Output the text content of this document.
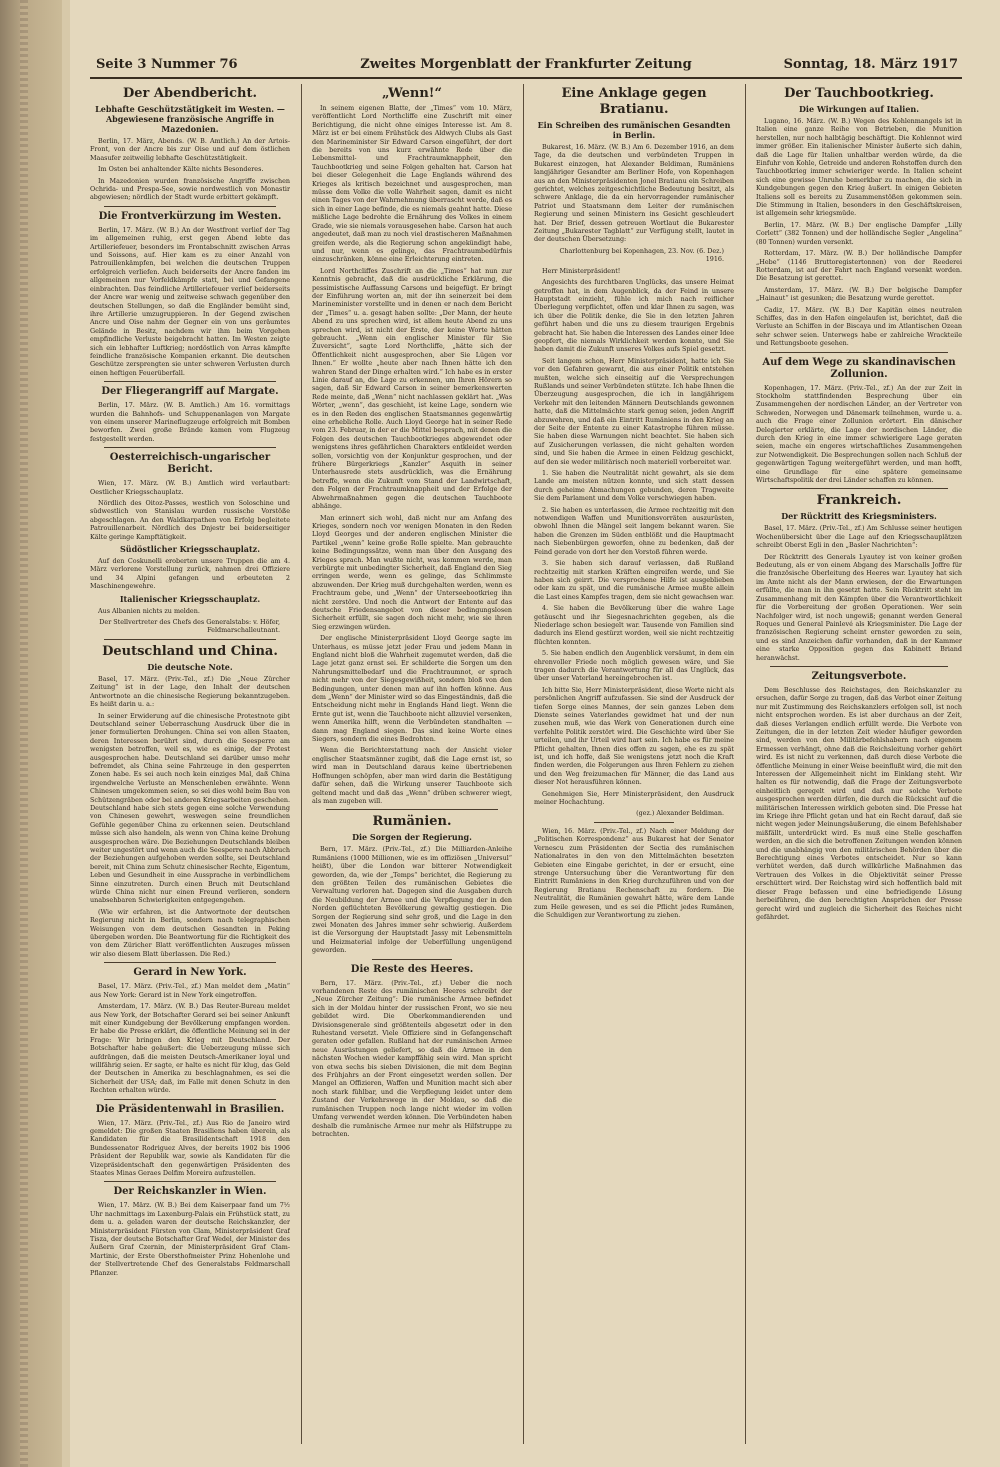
Seite 3 Nummer 76	Zweites Morgenblatt der Frankfurter Zeitung	Sonntag, 18. März 1917
Der Abendbericht.
Lebhafte Geschützstätigkeit im Westen. — Abgewiesene französische Angriffe in Mazedonien.

Berlin, 17. März, Abends. (W. B. Amtlich.) An der Artois-Front, von der Ancre bis zur Oise und auf dem östlichen Maasufer zeitweilig lebhafte Geschützstätigkeit.

Im Osten bei anhaltender Kälte nichts Besonderes.

In Mazedonien wurden französische Angriffe zwischen Ochrida- und Prespa-See, sowie nordwestlich von Monastir abgewiesen; nördlich der Stadt wurde erbittert gekämpft.

Die Frontverkürzung im Westen.

Berlin, 17. März. (W. B.) An der Westfront verlief der Tag im allgemeinen ruhig, erst gegen Abend lebte das Artilleriefeuer, besonders im Frontabschnitt zwischen Arras und Soissons, auf. Hier kam es zu einer Anzahl von Patrouillenkämpfen, bei welchen die deutschen Truppen erfolgreich verliefen. Auch beiderseits der Ancre fanden im allgemeinen nur Vorfeldkämpfe statt, bei und Gefangene einbrachten. Das feindliche Artilleriefeuer verlief beiderseits der Ancre war wenig und zeitweise schwach gegenüber den deutschen Stellungen, so daß die Engländer bemüht sind, ihre Artillerie umzugruppieren. In der Gegend zwischen Ancre und Oise nahm der Gegner ein von uns geräumtes Gelände in Besitz, nachdem wir ihm beim Vorgehen empfindliche Verluste beigebracht hatten. Im Westen zeigte sich ein lebhafter Luftkrieg; nordöstlich von Arras kämpfte feindliche französische Kompanien erkannt. Die deutschen Geschütze zersprengten sie unter schweren Verlusten durch einen heftigen Feuerüberfall.

Der Fliegerangriff auf Margate.

Berlin, 17. März. (W. B. Amtlich.) Am 16. vormittags wurden die Bahnhofs- und Schuppenanlagen von Margate von einem unserer Marineflugzeuge erfolgreich mit Bomben beworfen. Zwei große Brände kamen vom Flugzeug festgestellt werden.

Oesterreichisch-ungarischer Bericht.

Wien, 17. März. (W. B.) Amtlich wird verlautbart: Oestlicher Kriegsschauplatz.

Nördlich des Oitoz-Passes, westlich von Soloschine und südwestlich von Stanislau wurden russische Vorstöße abgeschlagen. An den Waldkarpathen von Erfolg begleitete Patrouillenarbeit. Nördlich des Dnjestr bei beiderseitiger Kälte geringe Kampftätigkeit.

Südöstlicher Kriegsschauplatz.

Auf den Coskunelli eroberten unsere Truppen die am 4. März verlorene Vorstellung zurück, nahmen drei Offiziere und 34 Alpini gefangen und erbeuteten 2 Maschinengewehre.

Italienischer Kriegsschauplatz.

Aus Albanien nichts zu melden.

Der Stellvertreter des Chefs des Generalstabs: v. Höfer, Feldmarschalleutnant.

Deutschland und China.
Die deutsche Note.

Basel, 17. März. (Priv.-Tel., zf.) Die „Neue Zürcher Zeitung“ ist in der Lage, den Inhalt der deutschen Antwortnote an die chinesische Regierung bekanntzugeben. Es heißt darin u. a.:

In seiner Erwiderung auf die chinesische Protestnote gibt Deutschland seiner Ueberraschung Ausdruck über die in jener formulierten Drohungen. China sei von allen Staaten, deren Interessen berührt sind, durch die Seesperre am wenigsten betroffen, weil es, wie es einige, der Protest ausgesprochen habe. Deutschland sei darüber umso mehr befremdet, als China seine Fahrzeuge in den gesperrten Zonen habe. Es sei auch noch kein einziges Mal, daß China irgendwelche Verluste an Menschenleben erwähnte. Wenn Chinesen umgekommen seien, so sei dies wohl beim Bau von Schützengräben oder bei anderen Kriegsarbeiten geschehen. Deutschland habe sich stets gegen eine solche Verwendung von Chinesen gewehrt, weswegen seine freundlichen Gefühle gegenüber China zu erkennen seien. Deutschland müsse sich also handeln, als wenn von China keine Drohung ausgesprochen wäre. Die Beziehungen Deutschlands bleiben weiter ungestört und wenn auch die Seesperre nach Abbruch der Beziehungen aufgehoben werden sollte, sei Deutschland bereit, mit China zum Schutz chinesischer Rechte, Eigentum, Leben und Gesundheit in eine Aussprache in verbindlichem Sinne einzutreten. Durch einen Bruch mit Deutschland würde China nicht nur einen Freund verlieren, sondern unabsehbaren Schwierigkeiten entgegengehen.

(Wie wir erfahren, ist die Antwortnote der deutschen Regierung nicht in Berlin, sondern nach telegraphischen Weisungen von dem deutschen Gesandten in Peking übergeben worden. Die Beantwortung für die Richtigkeit des von dem Züricher Blatt veröffentlichten Auszuges müssen wir also diesem Blatt überlassen. Die Red.)

Gerard in New York.

Basel, 17. März. (Priv.-Tel., zf.) Man meldet dem „Matin“ aus New York: Gerard ist in New York eingetroffen.

Amsterdam, 17. März. (W. B.) Das Reuter-Bureau meldet aus New York, der Botschafter Gerard sei bei seiner Ankunft mit einer Kundgebung der Bevölkerung empfangen worden. Er habe die Presse erklärt, die öffentliche Meinung sei in der Frage: Wir bringen den Krieg mit Deutschland. Der Botschafter habe geäußert: die Ueberzeugung müsse sich aufdrängen, daß die meisten Deutsch-Amerikaner loyal und willfährig seien. Er sagte, er halte es nicht für klug, das Geld der Deutschen in Amerika zu beschlagnahmen, es sei die Sicherheit der USA; daß, im Falle mit denen Schutz in den Rechten erhalten würde.

Die Präsidentenwahl in Brasilien.

Wien, 17. März. (Priv.-Tel., zf.) Aus Rio de Janeiro wird gemeldet: Die großen Staaten Brasiliens haben überein, als Kandidaten für die Brasilidentschaft 1918 den Bundessenator Rodriguez Alves, der bereits 1902 bis 1906 Präsident der Republik war, sowie als Kandidaten für die Vizepräsidentschaft den gegenwärtigen Präsidenten des Staates Minas Geraes Delfim Moreira aufzustellen.

Der Reichskanzler in Wien.

Wien, 17. März. (W. B.) Bei dem Kaiserpaar fand um 7½ Uhr nachmittags im Laxenburg-Palais ein Frühstück statt, zu dem u. a. geladen waren der deutsche Reichskanzler, der Ministerpräsident Fürsten von Clam, Ministerpräsident Graf Tisza, der deutsche Botschafter Graf Wedel, der Minister des Äußern Graf Czernin, der Ministerpräsident Graf Clam-Martinic, der Erste Obersthofmeister Prinz Hohenlohe und der Stellvertretende Chef des Generalstabs Feldmarschall Pflanzer.

„Wenn!“

In seinem eigenen Blatte, der „Times“ vom 10. März, veröffentlicht Lord Northcliffe eine Zuschrift mit einer Berichtigung, die nicht ohne einiges Interesse ist. Am 8. März ist er bei einem Frühstück des Aldwych Clubs als Gast den Marineminister Sir Edward Carson eingeführt, der dort die bereits von uns kurz erwähnte Rede über die Lebensmittel- und Frachtraumknappheit, den Tauchbootkrieg und seine Folgen gehalten hat. Carson hat bei dieser Gelegenheit die Lage Englands während des Krieges als kritisch bezeichnet und ausgesprochen, man müsse dem Volke die volle Wahrheit sagen, damit es nicht einen Tages von der Wahrnehmung überrascht werde, daß es sich in einer Lage befinde, die es niemals geahnt hatte. Diese mißliche Lage bedrohte die Ernährung des Volkes in einem Grade, wie sie niemals vorausgesehen habe. Carson hat auch angedeutet, daß man zu noch viel drastischeren Maßnahmen greifen werde, als die Regierung schon angekündigt habe, und nur, wenn es gelinge, das Frachtraumbedürfnis einzuschränken, könne eine Erleichterung eintreten.

Lord Northcliffes Zuschrift an die „Times“ hat nun zur Kenntnis gebracht, daß die ausdrückliche Erklärung, die pessimistische Auffassung Carsons und beigefügt. Er bringt der Einführung worten an, mit der ihn seinerzeit bei dem Marineminister vorstellte und in denen er nach dem Bericht der „Times“ u. a. gesagt haben sollte: „Der Mann, der heute Abend zu uns sprechen wird, ist allem heute Abend zu uns sprechen wird, ist nicht der Erste, der keine Worte hätten gebraucht. „Wenn ein englischer Minister für Sie Zuversicht“, sagte Lord Northcliffe, „hätte sich der Öffentlichkeit nicht ausgesprochen, aber Sie Lügen vor Ihnen.“ Er wollte „heute aber nach Ihnen hätte ich den wahren Stand der Dinge erhalten wird.“ Ich habe es in erster Linie darauf an, die Lage zu erkennen, um Ihren Hörern so sagen, daß Sir Edward Carson in seiner bemerkenswerten Rede meinte, daß „Wenn“ nicht nachlassen geklärt hat. „Was Wörter, „wenn“, das geschieht, ist keine Lage, sondern wie es in den Reden des englischen Staatsmannes gegenwärtig eine erhebliche Rolle. Auch Lloyd George hat in seiner Rede vom 23. Februar, in der er die Mittel besprach, mit denen die Folgen des deutschen Tauchbootkrieges abgewendet oder wenigstens ihres gefährlichen Charakters entkleidet werden sollen, vorsichtig von der Konjunktur gesprochen, und der frühere Bürgerkriegs „Kanzler“ Asquith in seiner Unterhausrede stets ausdrücklich, was die Ernährung betreffe, wenn die Zukunft vom Stand der Landwirtschaft, den Folgen der Frachtraumknappheit und der Erfolge der Abwehrmaßnahmen gegen die deutschen Tauchboote abhänge.

Man erinnert sich wohl, daß nicht nur am Anfang des Krieges, sondern noch vor wenigen Monaten in den Reden Lloyd Georges und der anderen englischen Minister die Partikel „wenn“ keine große Rolle spielte. Man gebrauchte keine Bedingungssätze, wenn man über den Ausgang des Krieges sprach. Man wußte nicht, was kommen werde, man verbürgte mit unbedingter Sicherheit, daß England den Sieg erringen werde, wenn es gelinge, das Schlimmste abzuwenden. Der Krieg muß durchgehalten werden, wenn es Frachtraum gebe, und „Wenn“ der Unterseebootkrieg ihn nicht zerstöre. Und noch die Antwort der Entente auf das deutsche Friedensangebot von dieser bedingungslosen Sicherheit erfüllt, sie sagen doch nicht mehr, wie sie ihren Sieg erzwingen würden.

Der englische Ministerpräsident Lloyd George sagte im Unterhaus, es müsse jetzt jeder Frau und jedem Mann in England nicht bloß die Wahrheit zugemutet werden, daß die Lage jetzt ganz ernst sei. Er schilderte die Sorgen um den Nahrungsmittelbedarf und die Frachtraumnot, er sprach nicht mehr von der Siegesgewißheit, sondern bloß von den Bedingungen, unter denen man auf ihn hoffen könne. Aus dem „Wenn“ der Minister wird so das Eingeständnis, daß die Entscheidung nicht mehr in Englands Hand liegt. Wenn die Ernte gut ist, wenn die Tauchboote nicht allzuviel versenken, wenn Amerika hilft, wenn die Verbündeten standhalten — dann mag England siegen. Das sind keine Worte eines Siegers, sondern die eines Bedrohten.

Wenn die Berichterstattung nach der Ansicht vieler englischer Staatsmänner zugibt, daß die Lage ernst ist, so wird man in Deutschland daraus keine übertriebenen Hoffnungen schöpfen, aber man wird darin die Bestätigung dafür sehen, daß die Wirkung unserer Tauchboote sich geltend macht und daß das „Wenn“ drüben schwerer wiegt, als man zugeben will.

Rumänien.
Die Sorgen der Regierung.

Bern, 17. März. (Priv.-Tel., zf.) Die Milliarden-Anleihe Rumäniens (1000 Millionen, wie es im offiziösen „Universul“ heißt), über die London war bitterer Notwendigkeit geworden, da, wie der „Temps“ berichtet, die Regierung zu den größten Teilen des rumänischen Gebietes die Verwaltung verloren hat. Dagegen sind die Ausgaben durch die Neubildung der Armee und die Verpflegung der in den Norden geflüchteten Bevölkerung gewaltig gestiegen. Die Sorgen der Regierung sind sehr groß, und die Lage in den zwei Monaten des Jahres immer sehr schwierig. Außerdem ist die Versorgung der Hauptstadt Jassy mit Lebensmitteln und Heizmaterial infolge der Ueberfüllung ungenügend geworden.

Die Reste des Heeres.

Bern, 17. März. (Priv.-Tel., zf.) Ueber die noch vorhandenen Reste des rumänischen Heeres schreibt der „Neue Zürcher Zeitung“: Die rumänische Armee befindet sich in der Moldau hinter der russischen Front, wo sie neu gebildet wird. Die Oberkommandierenden und Divisionsgenerale sind größtenteils abgesetzt oder in den Ruhestand versetzt. Viele Offiziere sind in Gefangenschaft geraten oder gefallen. Rußland hat der rumänischen Armee neue Ausrüstungen geliefert, so daß die Armee in den nächsten Wochen wieder kampffähig sein wird. Man spricht von etwa sechs bis sieben Divisionen, die mit dem Beginn des Frühjahrs an der Front eingesetzt werden sollen. Der Mangel an Offizieren, Waffen und Munition macht sich aber noch stark fühlbar, und die Verpflegung leidet unter dem Zustand der Verkehrswege in der Moldau, so daß die rumänischen Truppen noch lange nicht wieder im vollen Umfang verwendet werden können. Die Verbündeten haben deshalb die rumänische Armee nur mehr als Hilfstruppe zu betrachten.

Eine Anklage gegen Bratianu.
Ein Schreiben des rumänischen Gesandten in Berlin.

Bukarest, 16. März. (W. B.) Am 6. Dezember 1916, an dem Tage, da die deutschen und verbündeten Truppen in Bukarest einzogen, hat Alexander Beldiman, Rumäniens langjähriger Gesandter am Berliner Hofe, von Kopenhagen aus an den Ministerpräsidenten Jonel Bratianu ein Schreiben gerichtet, welches zeitgeschichtliche Bedeutung besitzt, als schwere Anklage, die da ein hervorragender rumänischer Patriot und Staatsmann dem Leiter der rumänischen Regierung und seinen Ministern ins Gesicht geschleudert hat. Der Brief, dessen getreuen Wortlaut die Bukarester Zeitung „Bukarester Tagblatt“ zur Verfügung stellt, lautet in der deutschen Übersetzung:

Charlottenburg bei Kopenhagen, 23. Nov. (6. Dez.) 1916.

Herr Ministerpräsident!

Angesichts des furchtbaren Unglücks, das unsere Heimat getroffen hat, in dem Augenblick, da der Feind in unsere Hauptstadt einzieht, fühle ich mich nach reiflicher Überlegung verpflichtet, offen und klar Ihnen zu sagen, was ich über die Politik denke, die Sie in den letzten Jahren geführt haben und die uns zu diesem traurigen Ergebnis gebracht hat. Sie haben die Interessen des Landes einer Idee geopfert, die niemals Wirklichkeit werden konnte, und Sie haben damit die Zukunft unseres Volkes aufs Spiel gesetzt.

Seit langem schon, Herr Ministerpräsident, hatte ich Sie vor den Gefahren gewarnt, die aus einer Politik entstehen mußten, welche sich einseitig auf die Versprechungen Rußlands und seiner Verbündeten stützte. Ich habe Ihnen die Überzeugung ausgesprochen, die ich in langjährigem Verkehr mit den leitenden Männern Deutschlands gewonnen hatte, daß die Mittelmächte stark genug seien, jeden Angriff abzuwehren, und daß ein Eintritt Rumäniens in den Krieg an der Seite der Entente zu einer Katastrophe führen müsse. Sie haben diese Warnungen nicht beachtet. Sie haben sich auf Zusicherungen verlassen, die nicht gehalten worden sind, und Sie haben die Armee in einen Feldzug geschickt, auf den sie weder militärisch noch materiell vorbereitet war.

1. Sie haben die Neutralität nicht gewahrt, als sie dem Lande am meisten nützen konnte, und sich statt dessen durch geheime Abmachungen gebunden, deren Tragweite Sie dem Parlament und dem Volke verschwiegen haben.

2. Sie haben es unterlassen, die Armee rechtzeitig mit den notwendigen Waffen und Munitionsvorräten auszurüsten, obwohl Ihnen die Mängel seit langem bekannt waren. Sie haben die Grenzen im Süden entblößt und die Hauptmacht nach Siebenbürgen geworfen, ohne zu bedenken, daß der Feind gerade von dort her den Vorstoß führen werde.

3. Sie haben sich darauf verlassen, daß Rußland rechtzeitig mit starken Kräften eingreifen werde, und Sie haben sich geirrt. Die versprochene Hilfe ist ausgeblieben oder kam zu spät, und die rumänische Armee mußte allein die Last eines Kampfes tragen, dem sie nicht gewachsen war.

4. Sie haben die Bevölkerung über die wahre Lage getäuscht und ihr Siegesnachrichten gegeben, als die Niederlage schon besiegelt war. Tausende von Familien sind dadurch ins Elend gestürzt worden, weil sie nicht rechtzeitig flüchten konnten.

5. Sie haben endlich den Augenblick versäumt, in dem ein ehrenvoller Friede noch möglich gewesen wäre, und Sie tragen dadurch die Verantwortung für all das Unglück, das über unser Vaterland hereingebrochen ist.

Ich bitte Sie, Herr Ministerpräsident, diese Worte nicht als persönlichen Angriff aufzufassen. Sie sind der Ausdruck der tiefen Sorge eines Mannes, der sein ganzes Leben dem Dienste seines Vaterlandes gewidmet hat und der nun zusehen muß, wie das Werk von Generationen durch eine verfehlte Politik zerstört wird. Die Geschichte wird über Sie urteilen, und ihr Urteil wird hart sein. Ich habe es für meine Pflicht gehalten, Ihnen dies offen zu sagen, ehe es zu spät ist, und ich hoffe, daß Sie wenigstens jetzt noch die Kraft finden werden, die Folgerungen aus Ihren Fehlern zu ziehen und den Weg freizumachen für Männer, die das Land aus dieser Not herausführen können.

Genehmigen Sie, Herr Ministerpräsident, den Ausdruck meiner Hochachtung.

(gez.) Alexander Beldiman.

Wien, 16. März. (Priv.-Tel., zf.) Nach einer Meldung der „Politischen Korrespondenz“ aus Bukarest hat der Senator Vernescu zum Präsidenten der Sectia des rumänischen Nationalrates in den von den Mittelmächten besetzten Gebieten eine Eingabe gerichtet, in der er ersucht, eine strenge Untersuchung über die Verantwortung für den Eintritt Rumäniens in den Krieg durchzuführen und von der Regierung Bratianu Rechenschaft zu fordern. Die Neutralität, die Rumänien gewahrt hätte, wäre dem Lande zum Heile gewesen, und es sei die Pflicht jedes Rumänen, die Schuldigen zur Verantwortung zu ziehen.

Der Tauchbootkrieg.
Die Wirkungen auf Italien.

Lugano, 16. März. (W. B.) Wegen des Kohlenmangels ist in Italien eine ganze Reihe von Betrieben, die Munition herstellen, nur noch halbtägig beschäftigt. Die Kohlennot wird immer größer. Ein italienischer Minister äußerte sich dahin, daß die Lage für Italien unhaltbar werden würde, da die Einfuhr von Kohle, Getreide und anderen Rohstoffen durch den Tauchbootkrieg immer schwieriger werde. In Italien scheint sich eine gewisse Unruhe bemerkbar zu machen, die sich in Kundgebungen gegen den Krieg äußert. In einigen Gebieten Italiens soll es bereits zu Zusammenstößen gekommen sein. Die Stimmung in Italien, besonders in den Geschäftskreisen, ist allgemein sehr kriegsmüde.

Berlin, 17. März. (W. B.) Der englische Dampfer „Lilly Corlett“ (382 Tonnen) und der holländische Segler „Angelina“ (80 Tonnen) wurden versenkt.

Rotterdam, 17. März. (W. B.) Der holländische Dampfer „Hebe“ (1146 Bruttoregistertonnen) von der Reederei Rotterdam, ist auf der Fahrt nach England versenkt worden. Die Besatzung ist gerettet.

Amsterdam, 17. März. (W. B.) Der belgische Dampfer „Hainaut“ ist gesunken; die Besatzung wurde gerettet.

Cadiz, 17. März. (W. B.) Der Kapitän eines neutralen Schiffes, das in den Hafen eingelaufen ist, berichtet, daß die Verluste an Schiffen in der Biscaya und im Atlantischen Ozean sehr schwer seien. Unterwegs habe er zahlreiche Wrackteile und Rettungsboote gesehen.

Auf dem Wege zu skandinavischen Zollunion.

Kopenhagen, 17. März. (Priv.-Tel., zf.) An der zur Zeit in Stockholm stattfindenden Besprechung über ein Zusammengehen der nordischen Länder, an der Vertreter von Schweden, Norwegen und Dänemark teilnehmen, wurde u. a. auch die Frage einer Zollunion erörtert. Ein dänischer Delegierter erklärte, die Lage der nordischen Länder, die durch den Krieg in eine immer schwierigere Lage geraten seien, mache ein engeres wirtschaftliches Zusammengehen zur Notwendigkeit. Die Besprechungen sollen nach Schluß der gegenwärtigen Tagung weitergeführt werden, und man hofft, eine Grundlage für eine spätere gemeinsame Wirtschaftspolitik der drei Länder schaffen zu können.

Frankreich.
Der Rücktritt des Kriegsministers.

Basel, 17. März. (Priv.-Tel., zf.) Am Schlusse seiner heutigen Wochenübersicht über die Lage auf den Kriegsschauplätzen schreibt Oberst Egli in den „Basler Nachrichten“:

Der Rücktritt des Generals Lyautey ist von keiner großen Bedeutung, als er von einem Abgang des Marschalls Joffre für die französische Oberleitung des Heeres war. Lyautey hat sich im Amte nicht als der Mann erwiesen, der die Erwartungen erfüllte, die man in ihn gesetzt hatte. Sein Rücktritt steht im Zusammenhang mit den Kämpfen über die Verantwortlichkeit für die Vorbereitung der großen Operationen. Wer sein Nachfolger wird, ist noch ungewiß; genannt werden General Roques und General Painlevé als Kriegsminister. Die Lage der französischen Regierung scheint ernster geworden zu sein, und es sind Anzeichen dafür vorhanden, daß in der Kammer eine starke Opposition gegen das Kabinett Briand heranwächst.

Zeitungsverbote.

Dem Beschlusse des Reichstages, den Reichskanzler zu ersuchen, dafür Sorge zu tragen, daß das Verbot einer Zeitung nur mit Zustimmung des Reichskanzlers erfolgen soll, ist noch nicht entsprochen worden. Es ist aber durchaus an der Zeit, daß dieses Verlangen endlich erfüllt werde. Die Verbote von Zeitungen, die in der letzten Zeit wieder häufiger geworden sind, werden von den Militärbefehlshabern nach eigenem Ermessen verhängt, ohne daß die Reichsleitung vorher gehört wird. Es ist nicht zu verkennen, daß durch diese Verbote die öffentliche Meinung in einer Weise beeinflußt wird, die mit den Interessen der Allgemeinheit nicht im Einklang steht. Wir halten es für notwendig, daß die Frage der Zeitungsverbote einheitlich geregelt wird und daß nur solche Verbote ausgesprochen werden dürfen, die durch die Rücksicht auf die militärischen Interessen wirklich geboten sind. Die Presse hat im Kriege ihre Pflicht getan und hat ein Recht darauf, daß sie nicht wegen jeder Meinungsäußerung, die einem Befehlshaber mißfällt, unterdrückt wird. Es muß eine Stelle geschaffen werden, an die sich die betroffenen Zeitungen wenden können und die unabhängig von den militärischen Behörden über die Berechtigung eines Verbotes entscheidet. Nur so kann verhütet werden, daß durch willkürliche Maßnahmen das Vertrauen des Volkes in die Objektivität seiner Presse erschüttert wird. Der Reichstag wird sich hoffentlich bald mit dieser Frage befassen und eine befriedigende Lösung herbeiführen, die den berechtigten Ansprüchen der Presse gerecht wird und zugleich die Sicherheit des Reiches nicht gefährdet.
